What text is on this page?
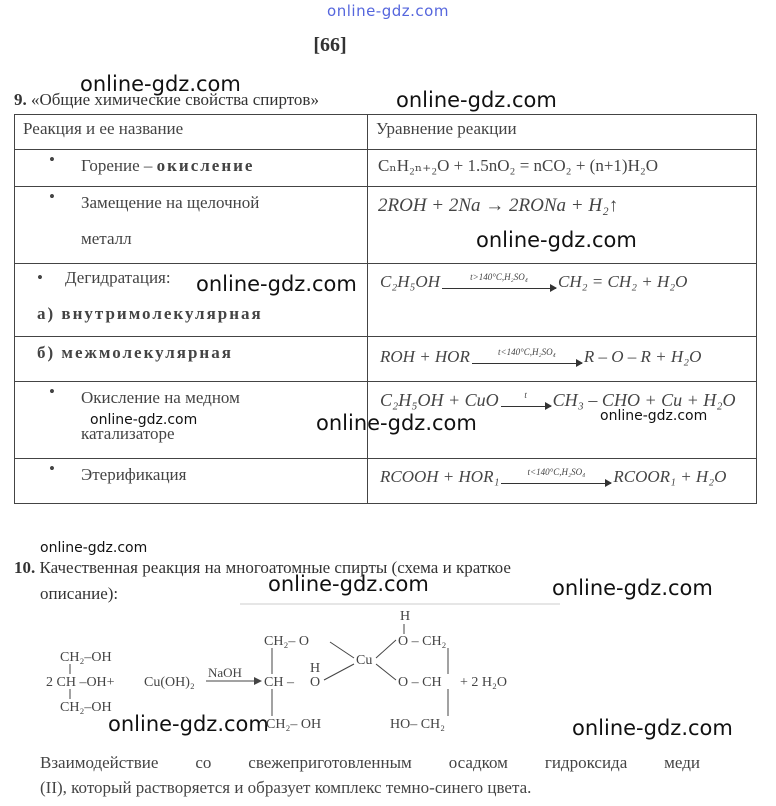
online-gdz.com
[66]
online-gdz.com
online-gdz.com
online-gdz.com
online-gdz.com
online-gdz.com	online-gdz.com	online-gdz.com
online-gdz.com
online-gdz.com	online-gdz.com
online-gdz.com	online-gdz.com
9. «Общие химические свойства спиртов»
Реакция и ее название	Уравнение реакции

• Горение – окисление	CₙH₂ₙ₊₂O + 1.5nO₂ = nCO₂ + (n+1)H₂O

• Замещение на щелочной
металл	2ROH + 2Na → 2RONa + H₂↑

• Дегидратация:
а) внутримолекулярная	C₂H₅OH t>140°C,H₂SO₄ CH₂ = CH₂ + H₂O

б) межмолекулярная	ROH + HOR t<140°C,H₂SO₄ R – O – R + H₂O

• Окисление на медном
катализаторе	C₂H₅OH + CuO t CH₃ – CHO + Cu + H₂O

• Этерификация	RCOOH + HOR₁ t<140°C,H₂SO₄ RCOOR₁ + H₂O
10. Качественная реакция на многоатомные спирты (схема и краткое
описание):
CH₂–OH
2 CH –OH+
CH₂–OH
Cu(OH)₂
NaOH
CH₂– O
CH – O
H
CH₂– OH
Cu
H
O – CH₂
O – CH
HO– CH₂
+ 2 H₂O
Взаимодействие со свежеприготовленным осадком гидроксида меди
(II), который растворяется и образует комплекс темно-синего цвета.
